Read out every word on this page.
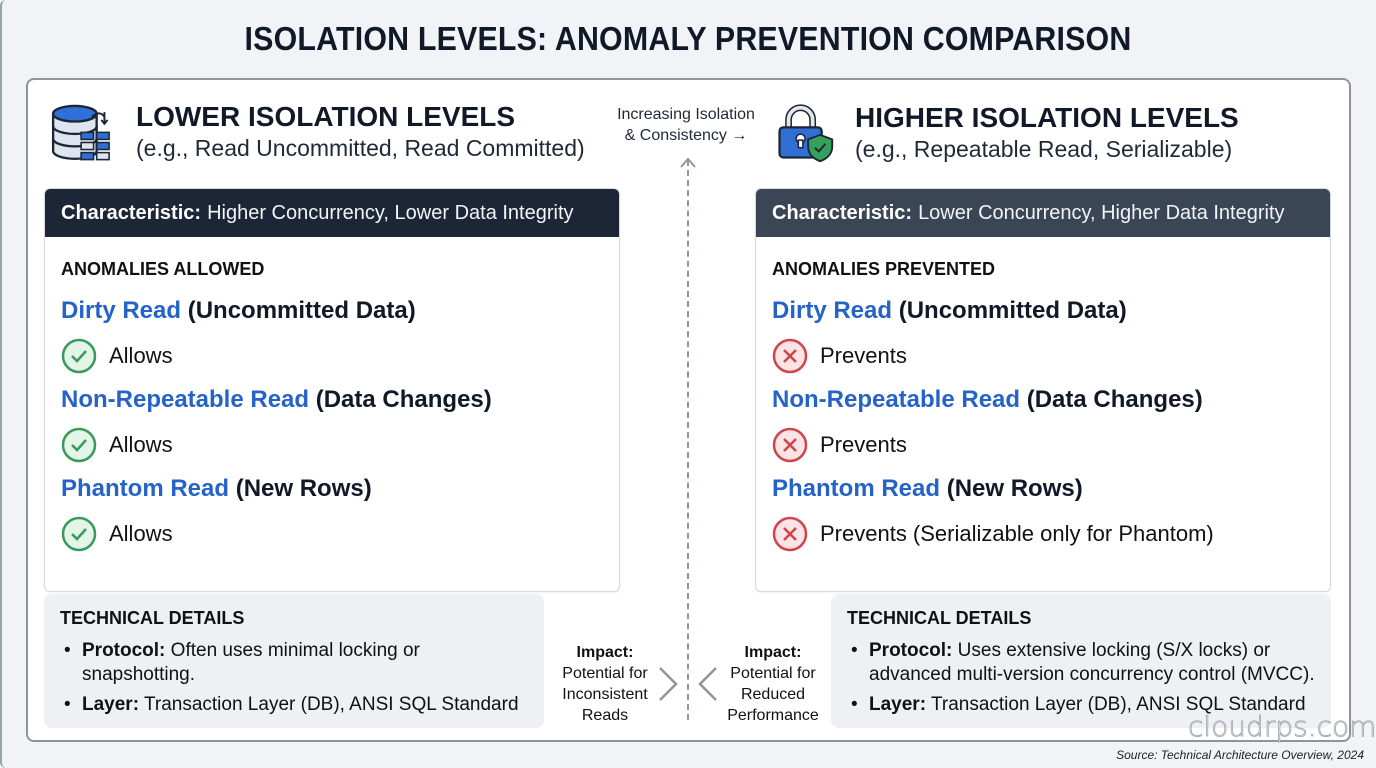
ISOLATION LEVELS: ANOMALY PREVENTION COMPARISON
LOWER ISOLATION LEVELS
(e.g., Read Uncommitted, Read Committed)
HIGHER ISOLATION LEVELS
(e.g., Repeatable Read, Serializable)
Increasing Isolation
& Consistency →
Characteristic: Higher Concurrency, Lower Data Integrity
ANOMALIES ALLOWED
Dirty Read (Uncommitted Data)
Allows
Non-Repeatable Read (Data Changes)
Allows
Phantom Read (New Rows)
Allows
Characteristic: Lower Concurrency, Higher Data Integrity
ANOMALIES PREVENTED
Dirty Read (Uncommitted Data)
Prevents
Non-Repeatable Read (Data Changes)
Prevents
Phantom Read (New Rows)
Prevents (Serializable only for Phantom)
TECHNICAL DETAILS
• Protocol: Often uses minimal locking or snapshotting.
• Layer: Transaction Layer (DB), ANSI SQL Standard
TECHNICAL DETAILS
• Protocol: Uses extensive locking (S/X locks) or advanced multi-version concurrency control (MVCC).
• Layer: Transaction Layer (DB), ANSI SQL Standard
Impact:
Potential for Inconsistent Reads
Impact:
Potential for Reduced Performance	cloudrps.com
Source: Technical Architecture Overview, 2024
